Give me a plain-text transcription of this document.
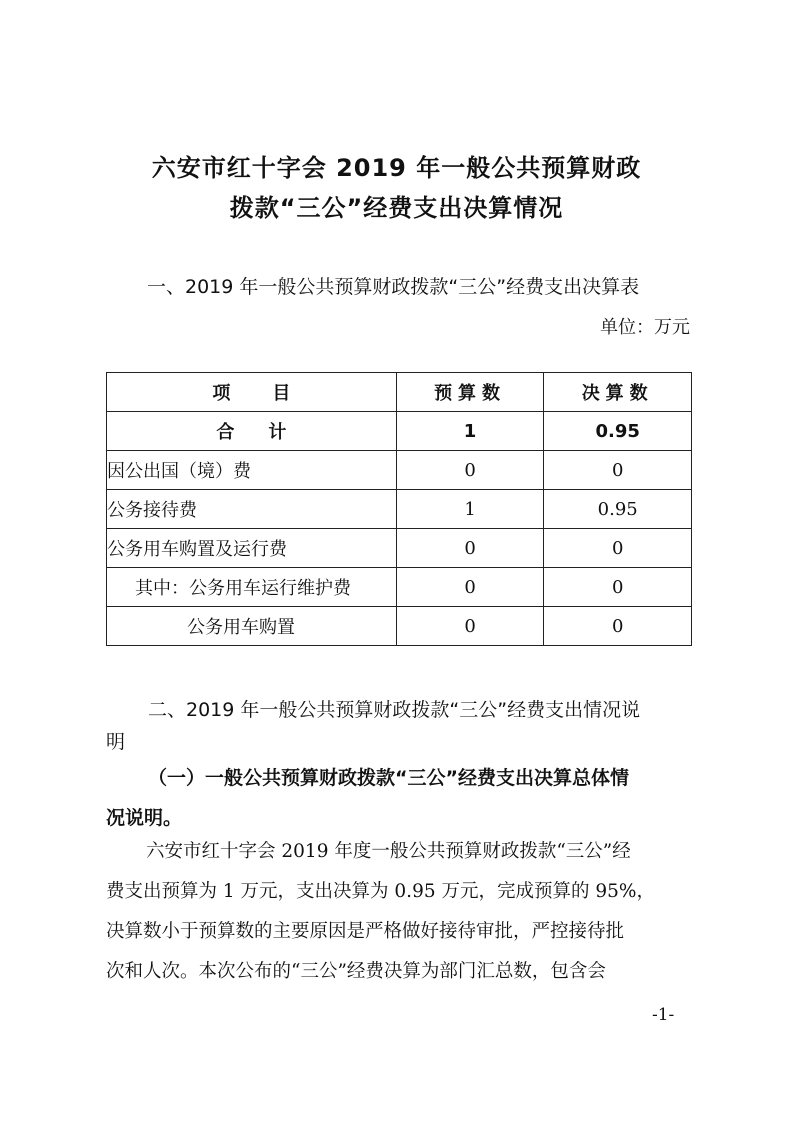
六安市红十字会 2019 年一般公共预算财政
拨款“三公”经费支出决算情况
一、2019 年一般公共预算财政拨款“三公”经费支出决算表
单位：万元
项 目	预算数	决算数
合 计	1	0.95
因公出国（境）费	0	0
公务接待费	1	0.95
公务用车购置及运行费	0	0
其中：公务用车运行维护费	0	0
公务用车购置	0	0
二、2019 年一般公共预算财政拨款“三公”经费支出情况说
明
（一）一般公共预算财政拨款“三公”经费支出决算总体情
况说明。
六安市红十字会 2019 年度一般公共预算财政拨款“三公”经
费支出预算为 1 万元，支出决算为 0.95 万元，完成预算的 95%，
决算数小于预算数的主要原因是严格做好接待审批，严控接待批
次和人次。本次公布的“三公”经费决算为部门汇总数，包含会
-1-
